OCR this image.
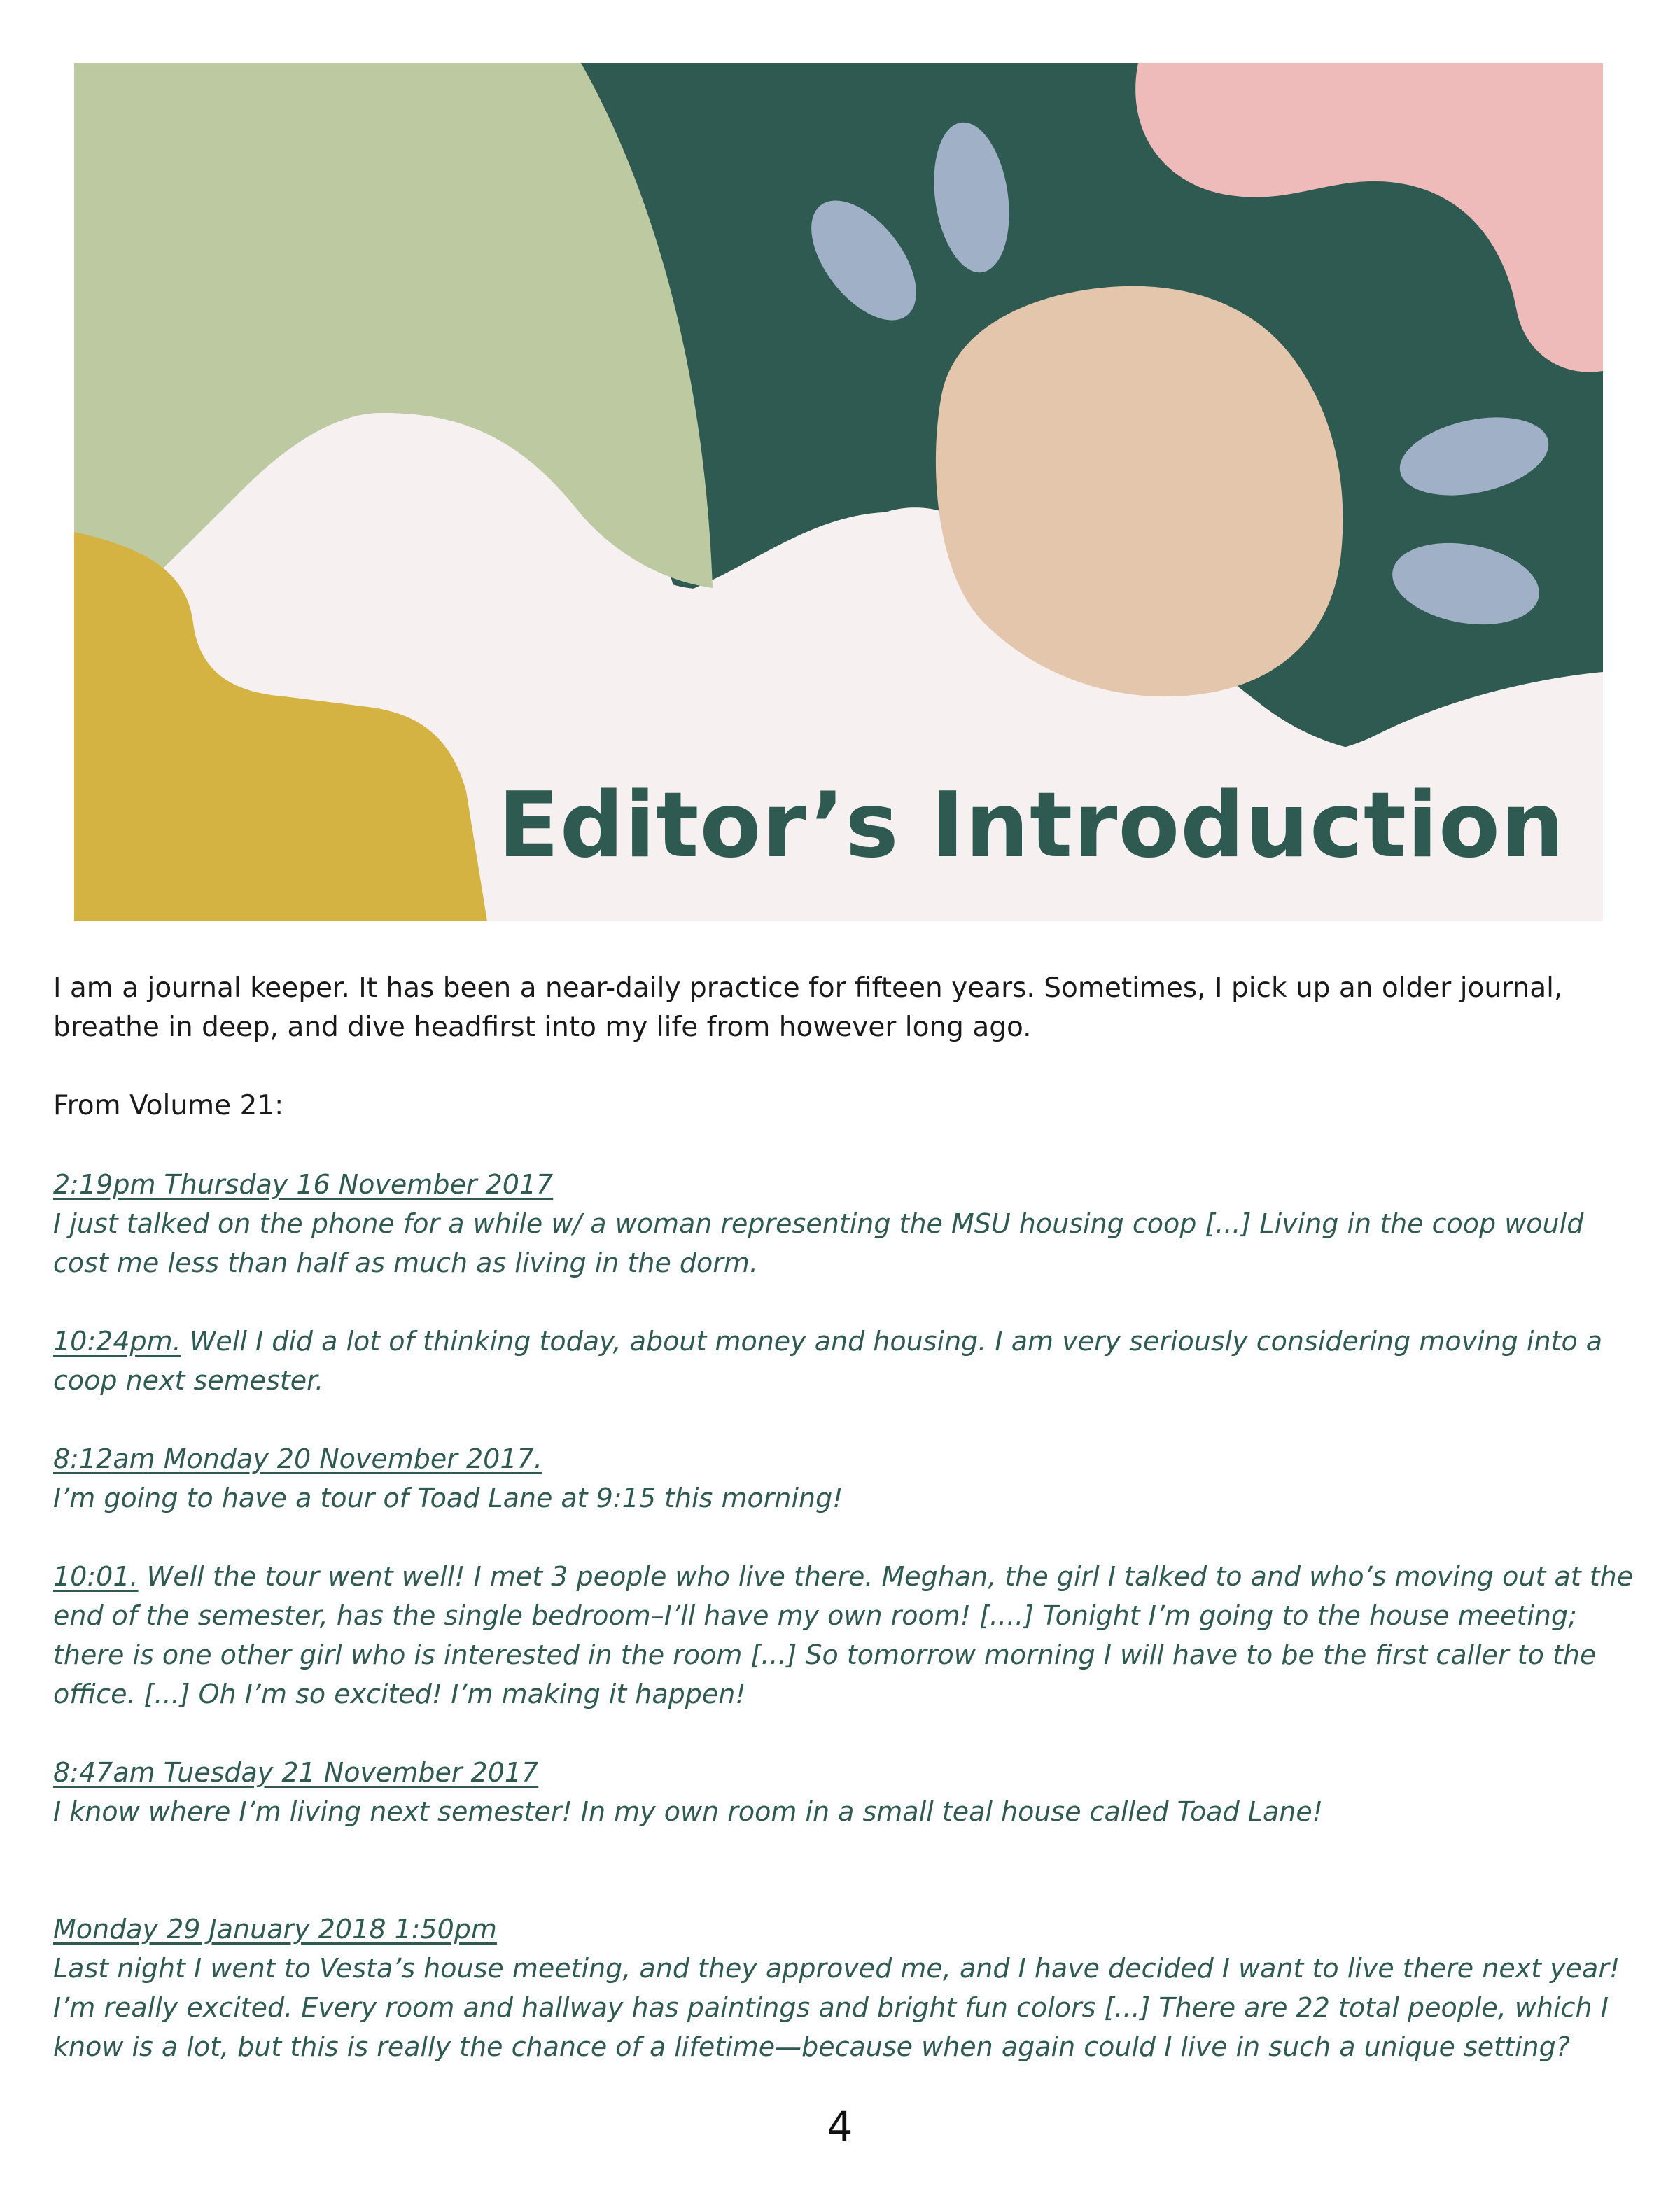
Editor’s Introduction

I am a journal keeper. It has been a near-daily practice for fifteen years. Sometimes, I pick up an older journal, breathe in deep, and dive headfirst into my life from however long ago.

From Volume 21:

2:19pm Thursday 16 November 2017
I just talked on the phone for a while w/ a woman representing the MSU housing coop [...] Living in the coop would cost me less than half as much as living in the dorm.

10:24pm. Well I did a lot of thinking today, about money and housing. I am very seriously considering moving into a coop next semester.

8:12am Monday 20 November 2017.
I’m going to have a tour of Toad Lane at 9:15 this morning!

10:01. Well the tour went well! I met 3 people who live there. Meghan, the girl I talked to and who’s moving out at the end of the semester, has the single bedroom–I’ll have my own room! [....] Tonight I’m going to the house meeting; there is one other girl who is interested in the room [...] So tomorrow morning I will have to be the first caller to the office. [...] Oh I’m so excited! I’m making it happen!

8:47am Tuesday 21 November 2017
I know where I’m living next semester! In my own room in a small teal house called Toad Lane!

Monday 29 January 2018 1:50pm
Last night I went to Vesta’s house meeting, and they approved me, and I have decided I want to live there next year! I’m really excited. Every room and hallway has paintings and bright fun colors [...] There are 22 total people, which I know is a lot, but this is really the chance of a lifetime—because when again could I live in such a unique setting?

4
